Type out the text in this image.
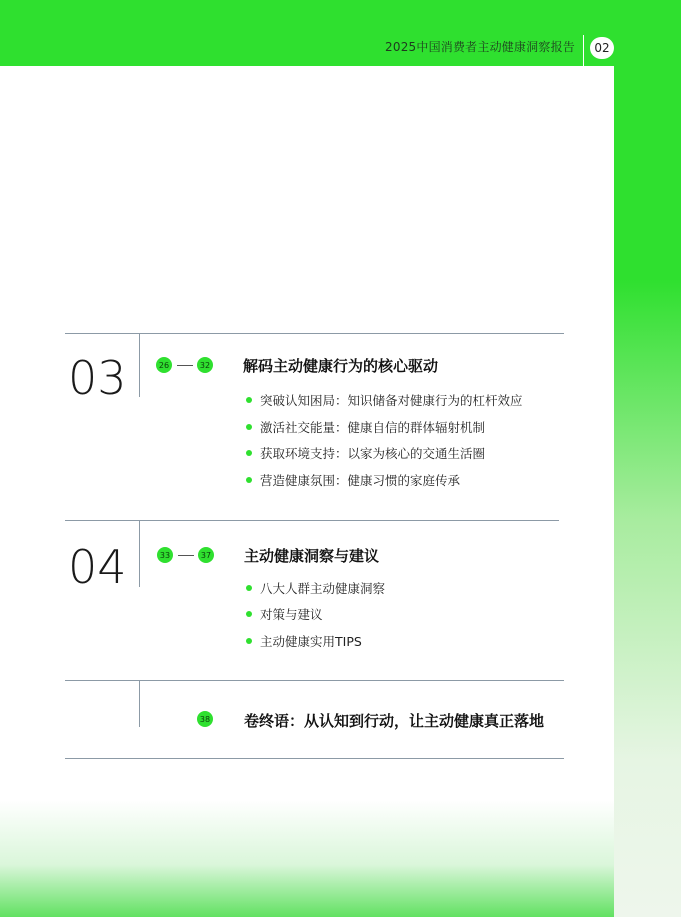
2025中国消费者主动健康洞察报告	02
03	26	32 解码主动健康行为的核心驱动
突破认知困局：知识储备对健康行为的杠杆效应
激活社交能量：健康自信的群体辐射机制
获取环境支持：以家为核心的交通生活圈
营造健康氛围：健康习惯的家庭传承
04	33	37 主动健康洞察与建议
八大人群主动健康洞察
对策与建议
主动健康实用TIPS
38 卷终语：从认知到行动，让主动健康真正落地
